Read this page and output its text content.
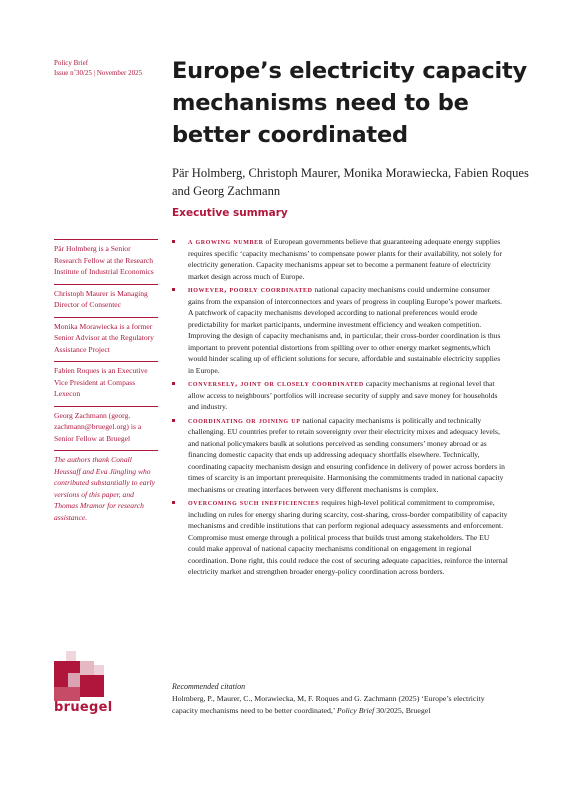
Policy Brief
Issue n˚30/25 | November 2025	Europe’s electricity capacity mechanisms need to be better coordinated

Pär Holmberg, Christoph Maurer, Monika Morawiecka, Fabien Roques and Georg Zachmann

Executive summary
Pär Holmberg is a Senior Research Fellow at the Research Institute of Industrial Economics
Christoph Maurer is Managing Director of Consentec
Monika Morawiecka is a former Senior Advisor at the Regulatory Assistance Project
Fabien Roques is an Executive Vice President at Compass Lexecon
Georg Zachmann (georg. zachmann@bruegel.org) is a Senior Fellow at Bruegel
The authors thank Conall Heussaff and Eva Jüngling who contributed substantially to early versions of this paper, and Thomas Mramor for research assistance.
a growing number of European governments believe that guaranteeing adequate energy supplies requires specific ‘capacity mechanisms’ to compensate power plants for their availability, not solely for electricity generation. Capacity mechanisms appear set to become a permanent feature of electricity market design across much of Europe.
however, poorly coordinated national capacity mechanisms could undermine consumer gains from the expansion of interconnectors and years of progress in coupling Europe’s power markets. A patchwork of capacity mechanisms developed according to national preferences would erode predictability for market participants, undermine investment efficiency and weaken competition. Improving the design of capacity mechanisms and, in particular, their cross-border coordination is thus important to prevent potential distortions from spilling over to other energy market segments,which would hinder scaling up of efficient solutions for secure, affordable and sustainable electricity supplies in Europe.
conversely, joint or closely coordinated capacity mechanisms at regional level that allow access to neighbours’ portfolios will increase security of supply and save money for households and industry.
coordinating or joining up national capacity mechanisms is politically and technically challenging. EU countries prefer to retain sovereignty over their electricity mixes and adequacy levels, and national policymakers baulk at solutions perceived as sending consumers’ money abroad or as financing domestic capacity that ends up addressing adequacy shortfalls elsewhere. Technically, coordinating capacity mechanism design and ensuring confidence in delivery of power across borders in times of scarcity is an important prerequisite. Harmonising the commitments traded in national capacity mechanisms or creating interfaces between very different mechanisms is complex.
overcoming such inefficiencies requires high-level political commitment to compromise, including on rules for energy sharing during scarcity, cost-sharing, cross-border compatibility of capacity mechanisms and credible institutions that can perform regional adequacy assessments and enforcement. Compromise must emerge through a political process that builds trust among stakeholders. The EU could make approval of national capacity mechanisms conditional on engagement in regional coordination. Done right, this could reduce the cost of securing adequate capacities, reinforce the internal electricity market and strengthen broader energy-policy coordination across borders.
bruegel
Recommended citation
Holmberg, P., Maurer, C., Morawiecka, M, F. Roques and G. Zachmann (2025) ‘Europe’s electricity capacity mechanisms need to be better coordinated,’ Policy Brief 30/2025, Bruegel
